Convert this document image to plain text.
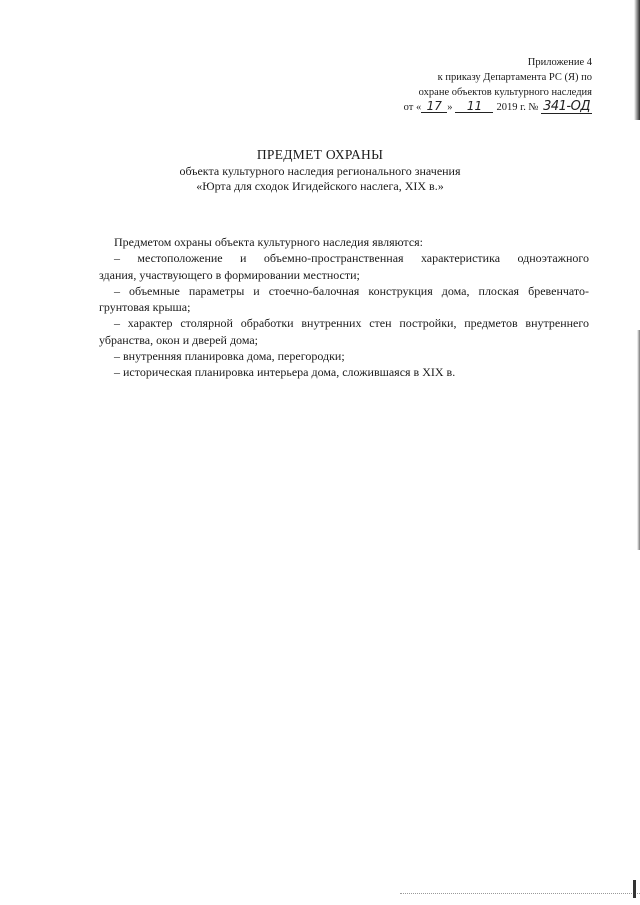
Приложение 4
к приказу Департамента РС (Я) по
охране объектов культурного наследия
от « 17 » 11 2019 г. № 341-ОД
ПРЕДМЕТ ОХРАНЫ
объекта культурного наследия регионального значения
«Юрта для сходок Игидейского наслега, XIX в.»
Предметом охраны объекта культурного наследия являются:
– местоположение и объемно-пространственная характеристика одноэтажного
здания, участвующего в формировании местности;
– объемные параметры и стоечно-балочная конструкция дома, плоская бревенчато-
грунтовая крыша;
– характер столярной обработки внутренних стен постройки, предметов внутреннего
убранства, окон и дверей дома;
– внутренняя планировка дома, перегородки;
– историческая планировка интерьера дома, сложившаяся в XIX в.
